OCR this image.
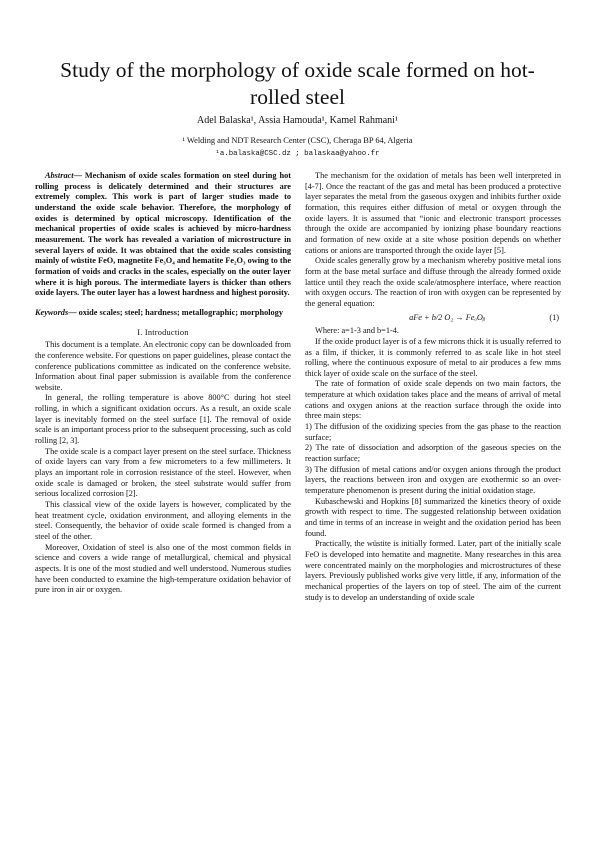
Study of the morphology of oxide scale formed on hot-rolled steel
Adel Balaska¹, Assia Hamouda¹, Kamel Rahmani¹
¹ Welding and NDT Research Center (CSC), Cheraga BP 64, Algeria
¹a.balaska@CSC.dz ; balaskaa@yahoo.fr

Abstract— Mechanism of oxide scales formation on steel during hot rolling process is delicately determined and their structures are extremely complex. This work is part of larger studies made to understand the oxide scale behavior. Therefore, the morphology of oxides is determined by optical microscopy. Identification of the mechanical properties of oxide scales is achieved by micro-hardness measurement. The work has revealed a variation of microstructure in several layers of oxide. It was obtained that the oxide scales consisting mainly of wüstite FeO, magnetite Fe₃O₄ and hematite Fe₂O₃ owing to the formation of voids and cracks in the scales, especially on the outer layer where it is high porous. The intermediate layers is thicker than others oxide layers. The outer layer has a lowest hardness and highest porosity.

Keywords— oxide scales; steel; hardness; metallographic; morphology

I. Introduction

This document is a template. An electronic copy can be downloaded from the conference website. For questions on paper guidelines, please contact the conference publications committee as indicated on the conference website. Information about final paper submission is available from the conference website.

In general, the rolling temperature is above 800°C during hot steel rolling, in which a significant oxidation occurs. As a result, an oxide scale layer is inevitably formed on the steel surface [1]. The removal of oxide scale is an important process prior to the subsequent processing, such as cold rolling [2, 3].

The oxide scale is a compact layer present on the steel surface. Thickness of oxide layers can vary from a few micrometers to a few millimeters. It plays an important role in corrosion resistance of the steel. However, when oxide scale is damaged or broken, the steel substrate would suffer from serious localized corrosion [2].

This classical view of the oxide layers is however, complicated by the heat treatment cycle, oxidation environment, and alloying elements in the steel. Consequently, the behavior of oxide scale formed is changed from a steel of the other.

Moreover, Oxidation of steel is also one of the most common fields in science and covers a wide range of metallurgical, chemical and physical aspects. It is one of the most studied and well understood. Numerous studies have been conducted to examine the high-temperature oxidation behavior of pure iron in air or oxygen.

The mechanism for the oxidation of metals has been well interpreted in [4-7]. Once the reactant of the gas and metal has been produced a protective layer separates the metal from the gaseous oxygen and inhibits further oxide formation, this requires either diffusion of metal or oxygen through the oxide layers. It is assumed that “ionic and electronic transport processes through the oxide are accompanied by ionizing phase boundary reactions and formation of new oxide at a site whose position depends on whether cations or anions are transported through the oxide layer [5].

Oxide scales generally grow by a mechanism whereby positive metal ions form at the base metal surface and diffuse through the already formed oxide lattice until they reach the oxide scale/atmosphere interface, where reaction with oxygen occurs. The reaction of iron with oxygen can be represented by the general equation:

aFe + b/2 O₂ → FeₐOᵦ	(1)

Where: a=1-3 and b=1-4.

If the oxide product layer is of a few microns thick it is usually referred to as a film, if thicker, it is commonly referred to as scale like in hot steel rolling, where the continuous exposure of metal to air produces a few mms thick layer of oxide scale on the surface of the steel.

The rate of formation of oxide scale depends on two main factors, the temperature at which oxidation takes place and the means of arrival of metal cations and oxygen anions at the reaction surface through the oxide into three main steps:

1) The diffusion of the oxidizing species from the gas phase to the reaction surface;

2) The rate of dissociation and adsorption of the gaseous species on the reaction surface;

3) The diffusion of metal cations and/or oxygen anions through the product layers, the reactions between iron and oxygen are exothermic so an over-temperature phenomenon is present during the initial oxidation stage.

Kubaschewski and Hopkins [8] summarized the kinetics theory of oxide growth with respect to time. The suggested relationship between oxidation and time in terms of an increase in weight and the oxidation period has been found.

Practically, the wüstite is initially formed. Later, part of the initially scale FeO is developed into hematite and magnetite. Many researches in this area were concentrated mainly on the morphologies and microstructures of these layers. Previously published works give very little, if any, information of the mechanical properties of the layers on top of steel. The aim of the current study is to develop an understanding of oxide scale
